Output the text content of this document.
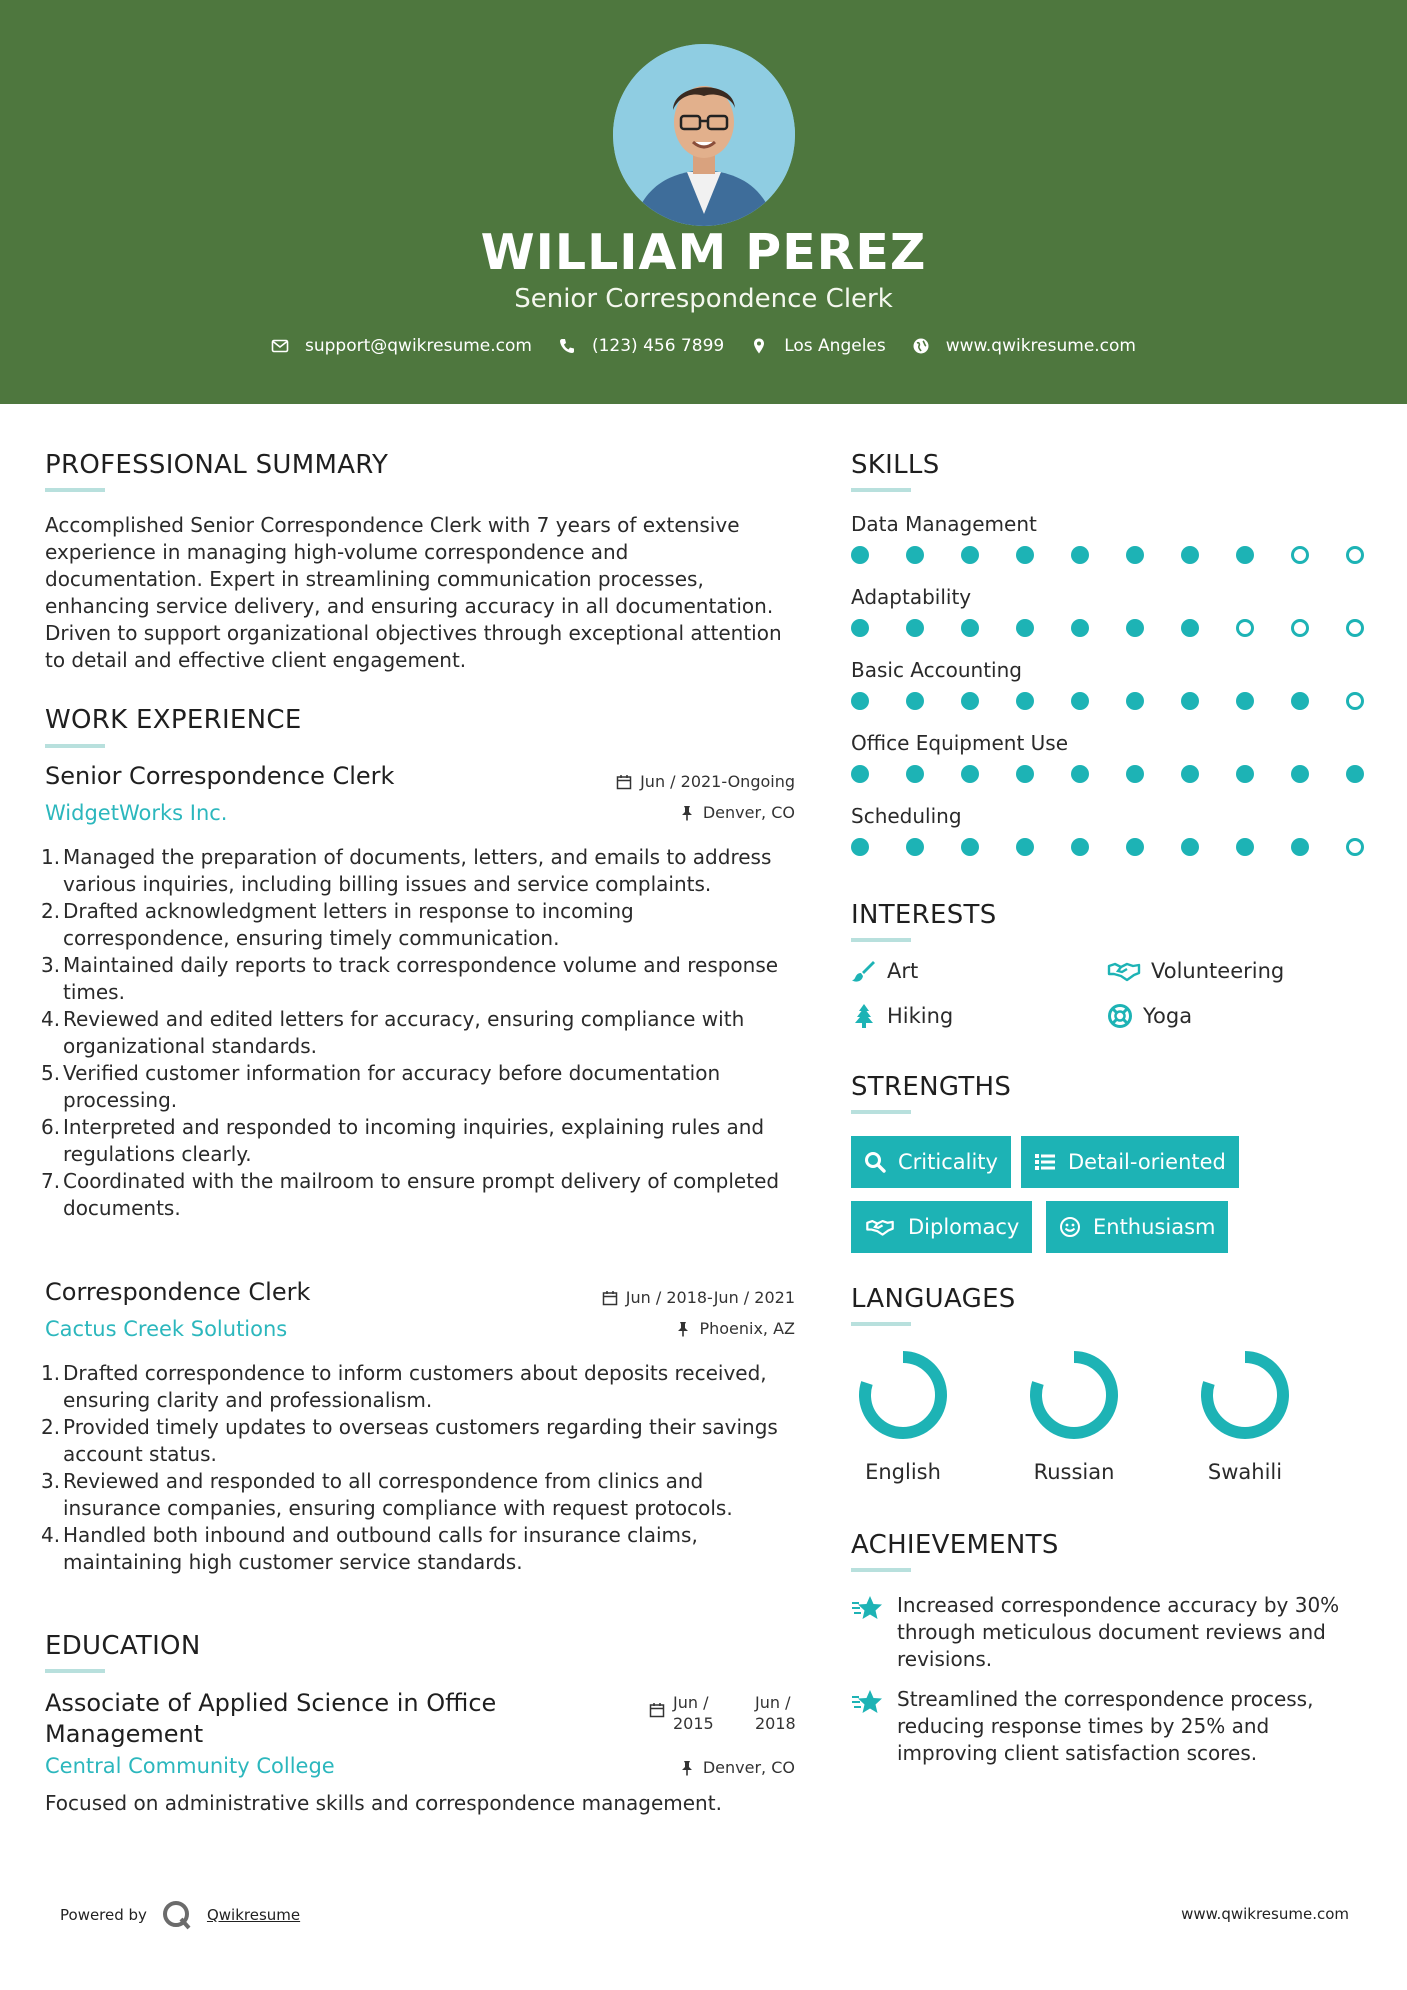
WILLIAM PEREZ
Senior Correspondence Clerk
support@qwikresume.com	(123) 456 7899	Los Angeles	www.qwikresume.com
PROFESSIONAL SUMMARY
Accomplished Senior Correspondence Clerk with 7 years of extensive experience in managing high-volume correspondence and documentation. Expert in streamlining communication processes, enhancing service delivery, and ensuring accuracy in all documentation. Driven to support organizational objectives through exceptional attention to detail and effective client engagement.
WORK EXPERIENCE
Senior Correspondence Clerk	Jun / 2021-Ongoing
WidgetWorks Inc.	Denver, CO
1. Managed the preparation of documents, letters, and emails to address various inquiries, including billing issues and service complaints.
2. Drafted acknowledgment letters in response to incoming correspondence, ensuring timely communication.
3. Maintained daily reports to track correspondence volume and response times.
4. Reviewed and edited letters for accuracy, ensuring compliance with organizational standards.
5. Verified customer information for accuracy before documentation processing.
6. Interpreted and responded to incoming inquiries, explaining rules and regulations clearly.
7. Coordinated with the mailroom to ensure prompt delivery of completed documents.
Correspondence Clerk	Jun / 2018-Jun / 2021
Cactus Creek Solutions	Phoenix, AZ
1. Drafted correspondence to inform customers about deposits received, ensuring clarity and professionalism.
2. Provided timely updates to overseas customers regarding their savings account status.
3. Reviewed and responded to all correspondence from clinics and insurance companies, ensuring compliance with request protocols.
4. Handled both inbound and outbound calls for insurance claims, maintaining high customer service standards.
EDUCATION
Associate of Applied Science in Office Management
Jun / 2015
Jun / 2018
Central Community College	Denver, CO
Focused on administrative skills and correspondence management.
SKILLS
Data Management
Adaptability
Basic Accounting
Office Equipment Use
Scheduling
INTERESTS
Art	Volunteering
Hiking	Yoga
STRENGTHS
Criticality	Detail-oriented
Diplomacy	Enthusiasm
LANGUAGES
English	Russian	Swahili
ACHIEVEMENTS
Increased correspondence accuracy by 30% through meticulous document reviews and revisions.
Streamlined the correspondence process, reducing response times by 25% and improving client satisfaction scores.
Powered by	Qwikresume	www.qwikresume.com
